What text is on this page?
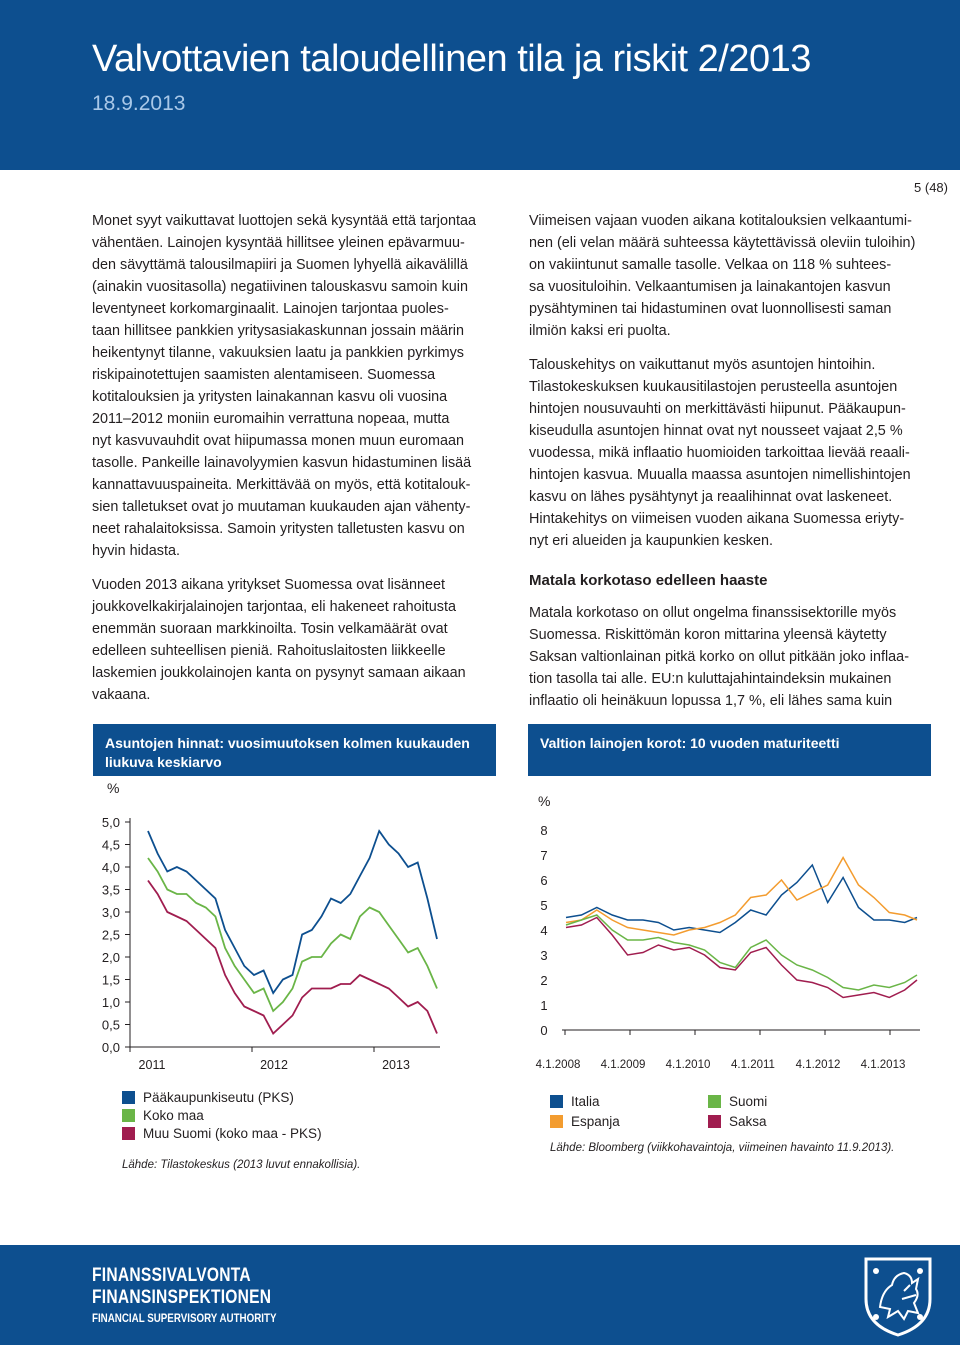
Valvottavien taloudellinen tila ja riskit 2/2013
18.9.2013
5 (48)

Monet syyt vaikuttavat luottojen sekä kysyntää että tarjontaa
vähentäen. Lainojen kysyntää hillitsee yleinen epävarmuu-
den sävyttämä talousilmapiiri ja Suomen lyhyellä aikavälillä
(ainakin vuositasolla) negatiivinen talouskasvu samoin kuin
leventyneet korkomarginaalit. Lainojen tarjontaa puoles-
taan hillitsee pankkien yritysasiakaskunnan jossain määrin
heikentynyt tilanne, vakuuksien laatu ja pankkien pyrkimys
riskipainotettujen saamisten alentamiseen. Suomessa
kotitalouksien ja yritysten lainakannan kasvu oli vuosina
2011–2012 moniin euromaihin verrattuna nopeaa, mutta
nyt kasvuvauhdit ovat hiipumassa monen muun euromaan
tasolle. Pankeille lainavolyymien kasvun hidastuminen lisää
kannattavuuspaineita. Merkittävää on myös, että kotitalouk-
sien talletukset ovat jo muutaman kuukauden ajan vähenty-
neet rahalaitoksissa. Samoin yritysten talletusten kasvu on
hyvin hidasta.

Vuoden 2013 aikana yritykset Suomessa ovat lisänneet
joukkovelkakirjalainojen tarjontaa, eli hakeneet rahoitusta
enemmän suoraan markkinoilta. Tosin velkamäärät ovat
edelleen suhteellisen pieniä. Rahoituslaitosten liikkeelle
laskemien joukkolainojen kanta on pysynyt samaan aikaan
vakaana.

Viimeisen vajaan vuoden aikana kotitalouksien velkaantumi-
nen (eli velan määrä suhteessa käytettävissä oleviin tuloihin)
on vakiintunut samalle tasolle. Velkaa on 118 % suhtees-
sa vuosituloihin. Velkaantumisen ja lainakantojen kasvun
pysähtyminen tai hidastuminen ovat luonnollisesti saman
ilmiön kaksi eri puolta.

Talouskehitys on vaikuttanut myös asuntojen hintoihin.
Tilastokeskuksen kuukausitilastojen perusteella asuntojen
hintojen nousuvauhti on merkittävästi hiipunut. Pääkaupun-
kiseudulla asuntojen hinnat ovat nyt nousseet vajaat 2,5 %
vuodessa, mikä inflaatio huomioiden tarkoittaa lievää reaali-
hintojen kasvua. Muualla maassa asuntojen nimellishintojen
kasvu on lähes pysähtynyt ja reaalihinnat ovat laskeneet.
Hintakehitys on viimeisen vuoden aikana Suomessa eriyty-
nyt eri alueiden ja kaupunkien kesken.

Matala korkotaso edelleen haaste

Matala korkotaso on ollut ongelma finanssisektorille myös
Suomessa. Riskittömän koron mittarina yleensä käytetty
Saksan valtionlainan pitkä korko on ollut pitkään joko inflaa-
tion tasolla tai alle. EU:n kuluttajahintaindeksin mukainen
inflaatio oli heinäkuun lopussa 1,7 %, eli lähes sama kuin

Asuntojen hinnat: vuosimuutoksen kolmen kuukauden
liukuva keskiarvo
%
5,0
4,5
4,0
3,5
3,0
2,5
2,0
1,5
1,0
0,5
0,0
2011	2012	2013
Pääkaupunkiseutu (PKS)
Koko maa
Muu Suomi (koko maa - PKS)
Lähde: Tilastokeskus (2013 luvut ennakollisia).
Valtion lainojen korot: 10 vuoden maturiteetti
%
8
7
6
5
4
3
2
1
0
4.1.2008 4.1.2009 4.1.2010 4.1.2011 4.1.2012 4.1.2013
Italia	Suomi
Espanja	Saksa
Lähde: Bloomberg (viikkohavaintoja, viimeinen havainto 11.9.2013).
FINANSSIVALVONTA
FINANSINSPEKTIONEN
FINANCIAL SUPERVISORY AUTHORITY
